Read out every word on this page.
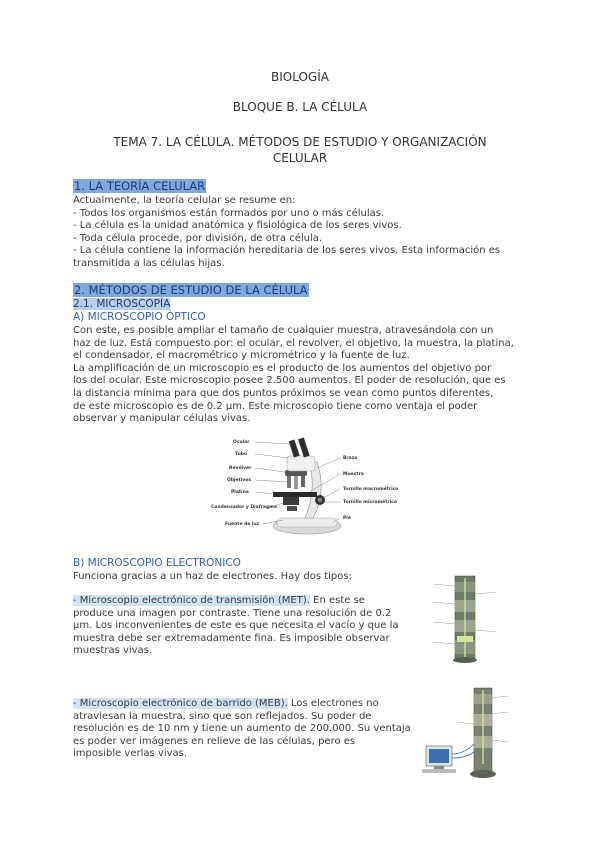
BIOLOGÍA
BLOQUE B. LA CÉLULA
TEMA 7. LA CÉLULA. MÉTODOS DE ESTUDIO Y ORGANIZACIÓN
CELULAR
1. LA TEORÍA CELULAR
Actualmente, la teoría celular se resume en:
- Todos los organismos están formados por uno o más células.
- La célula es la unidad anatómica y fisiológica de los seres vivos.
- Toda célula procede, por división, de otra célula.
- La célula contiene la información hereditaria de los seres vivos. Esta información es
transmitida a las células hijas.
2. MÉTODOS DE ESTUDIO DE LA CÉLULA
2.1. MICROSCOPÍA
A) MICROSCOPIO ÓPTICO
Con este, es posible ampliar el tamaño de cualquier muestra, atravesándola con un
haz de luz. Está compuesto por: el ocular, el revolver, el objetivo, la muestra, la platina,
el condensador, el macrométrico y micrométrico y la fuente de luz.
La amplificación de un microscopio es el producto de los aumentos del objetivo por
los del ocular. Este microscopio posee 2.500 aumentos. El poder de resolución, que es
la distancia mínima para que dos puntos próximos se vean como puntos diferentes,
de este microscopio es de 0.2 µm. Este microscopio tiene como ventaja el poder
observar y manipular células vivas.
Ocular
Tubo
Revólver
Objetivos
Platina
Condensador y Diafragma
Fuente de luz
Brazo
Muestra
Tornillo macrométrico
Tornillo micrométrico
Pie
B) MICROSCOPIO ELECTRÓNICO
Funciona gracias a un haz de electrones. Hay dos tipos:
- Microscopio electrónico de transmisión (MET). En este se
produce una imagen por contraste. Tiene una resolución de 0.2
µm. Los inconvenientes de este es que necesita el vacío y que la
muestra debe ser extremadamente fina. Es imposible observar
muestras vivas.
- Microscopio electrónico de barrido (MEB). Los electrones no
atraviesan la muestra, sino que son reflejados. Su poder de
resolución es de 10 nm y tiene un aumento de 200.000. Su ventaja
es poder ver imágenes en relieve de las células, pero es
imposible verlas vivas.
